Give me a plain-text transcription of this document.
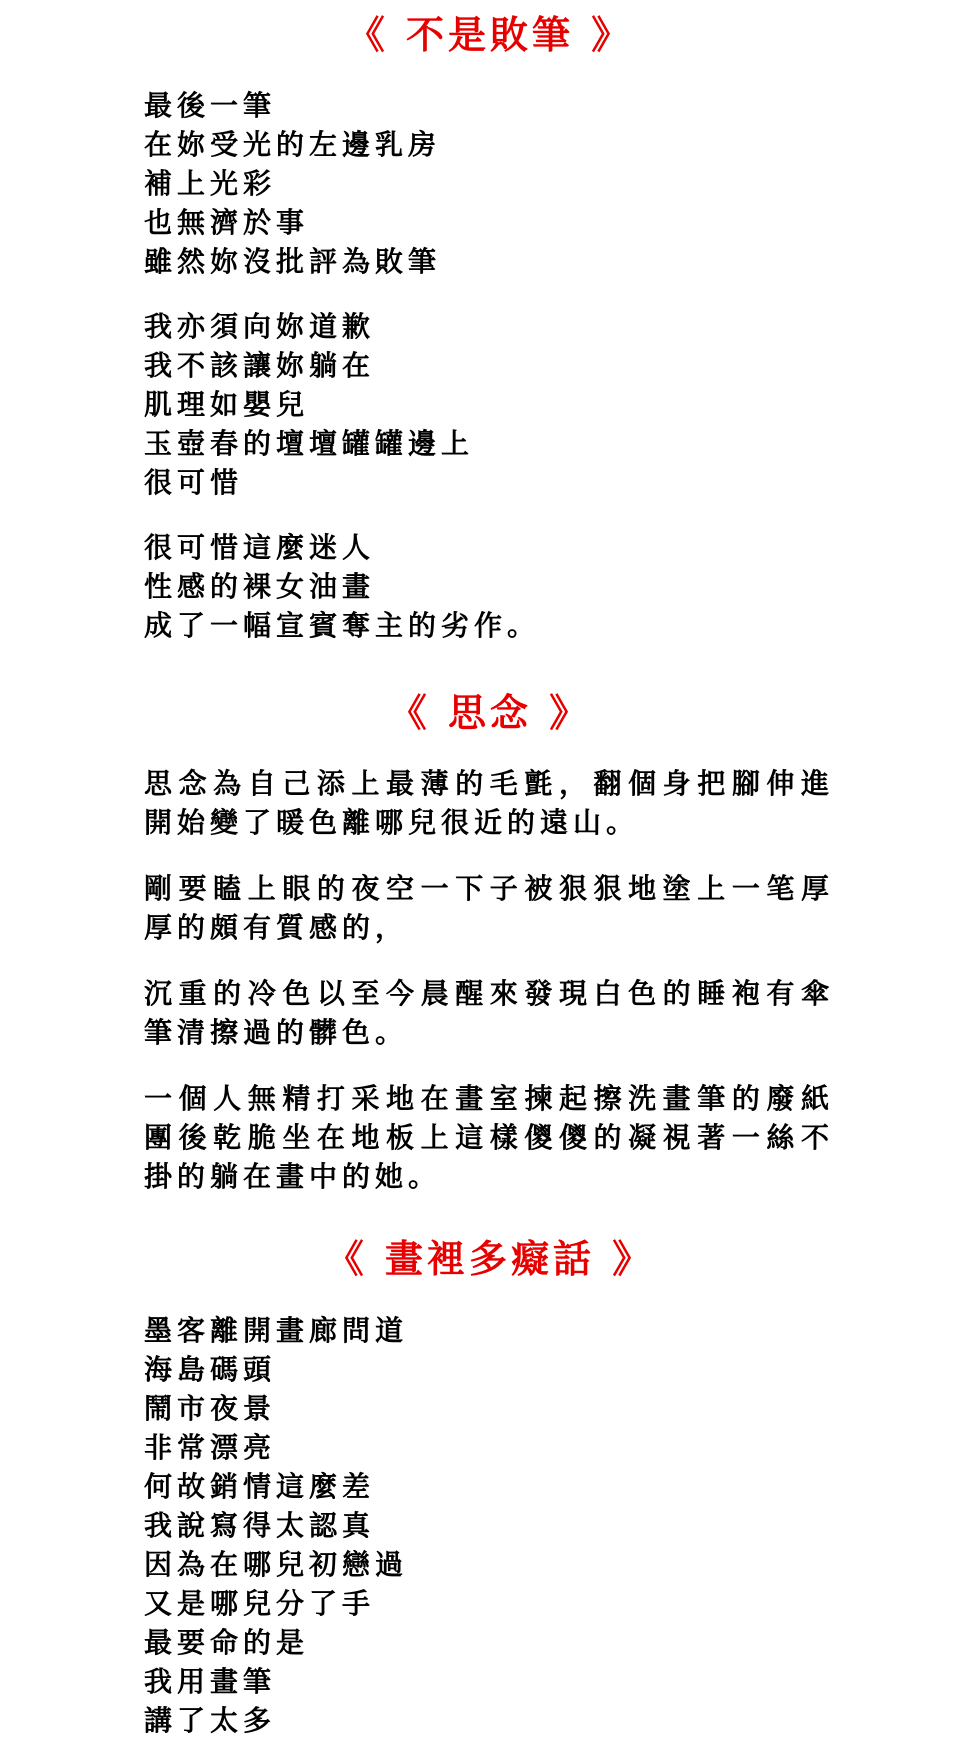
《 不是敗筆 》
最後一筆
在妳受光的左邊乳房
補上光彩
也無濟於事
雖然妳沒批評為敗筆
我亦須向妳道歉
我不該讓妳躺在
肌理如嬰兒
玉壺春的壇壇罐罐邊上
很可惜
很可惜這麼迷人
性感的裸女油畫
成了一幅宣賓奪主的劣作。
《 思念 》

思念為自己添上最薄的毛氈，翻個身把腳伸進開始變了暖色離哪兒很近的遠山。

剛要瞌上眼的夜空一下子被狠狠地塗上一笔厚厚的頗有質感的，

沉重的冷色以至今晨醒來發現白色的睡袍有傘筆清擦過的髒色。

一個人無精打采地在畫室揀起擦洗畫筆的廢紙團後乾脆坐在地板上這樣儍儍的凝視著一絲不掛的躺在畫中的她。

《 畫裡多癡話 》
墨客離開畫廊問道
海島碼頭
鬧市夜景
非常漂亮
何故銷情這麼差
我說寫得太認真
因為在哪兒初戀過
又是哪兒分了手
最要命的是
我用畫筆
講了太多
